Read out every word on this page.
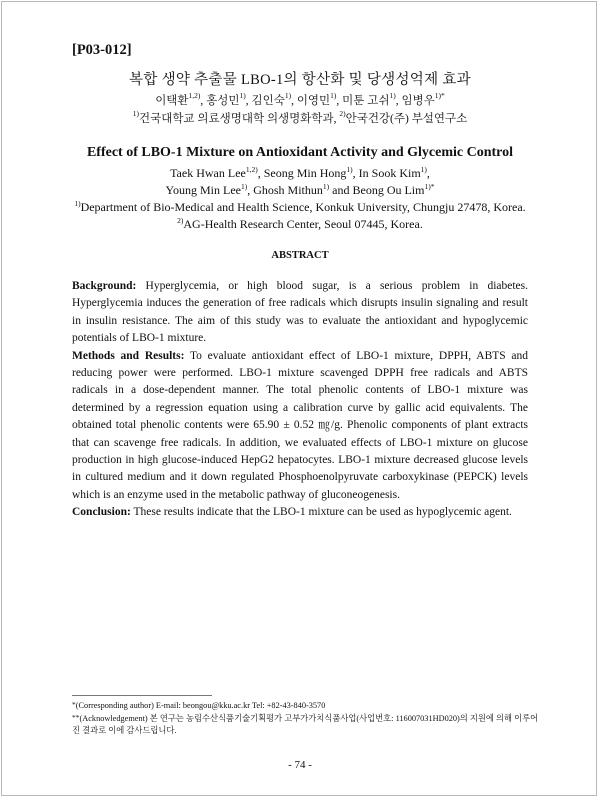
[P03-012]
복합 생약 추출물 LBO-1의 항산화 및 당생성억제 효과
이택환$^{1,2)}$, 홍성민$^{1)}$, 김인숙$^{1)}$, 이영민$^{1)}$, 미툰 고쉬$^{1)}$, 임병우$^{1)*}$
$^{1)}$건국대학교 의료생명대학 의생명화학과, $^{2)}$안국건강(주) 부설연구소
Effect of LBO-1 Mixture on Antioxidant Activity and Glycemic Control
Taek Hwan Lee$^{1,2)}$, Seong Min Hong$^{1)}$, In Sook Kim$^{1)}$,
Young Min Lee$^{1)}$, Ghosh Mithun$^{1)}$ and Beong Ou Lim$^{1)*}$
$^{1)}$Department of Bio-Medical and Health Science, Konkuk University, Chungju 27478, Korea.
$^{2)}$AG-Health Research Center, Seoul 07445, Korea.
ABSTRACT

Background: Hyperglycemia, or high blood sugar, is a serious problem in diabetes. Hyperglycemia induces the generation of free radicals which disrupts insulin signaling and result in insulin resistance. The aim of this study was to evaluate the antioxidant and hypoglycemic potentials of LBO-1 mixture.

Methods and Results: To evaluate antioxidant effect of LBO-1 mixture, DPPH, ABTS and reducing power were performed. LBO-1 mixture scavenged DPPH free radicals and ABTS radicals in a dose-dependent manner. The total phenolic contents of LBO-1 mixture was determined by a regression equation using a calibration curve by gallic acid equivalents. The obtained total phenolic contents were 65.90 ± 0.52 ㎎/g. Phenolic components of plant extracts that can scavenge free radicals. In addition, we evaluated effects of LBO-1 mixture on glucose production in high glucose-induced HepG2 hepatocytes. LBO-1 mixture decreased glucose levels in cultured medium and it down regulated Phosphoenolpyruvate carboxykinase (PEPCK) levels which is an enzyme used in the metabolic pathway of gluconeogenesis.

Conclusion: These results indicate that the LBO-1 mixture can be used as hypoglycemic agent.

*(Corresponding author) E-mail: beongou@kku.ac.kr Tel: +82-43-840-3570
**(Acknowledgement) 본 연구는 농림수산식품기술기획평가 고부가가치식품사업(사업번호: 116007031HD020)의 지원에 의해 이루어진 결과로 이에 감사드립니다.
- 74 -
